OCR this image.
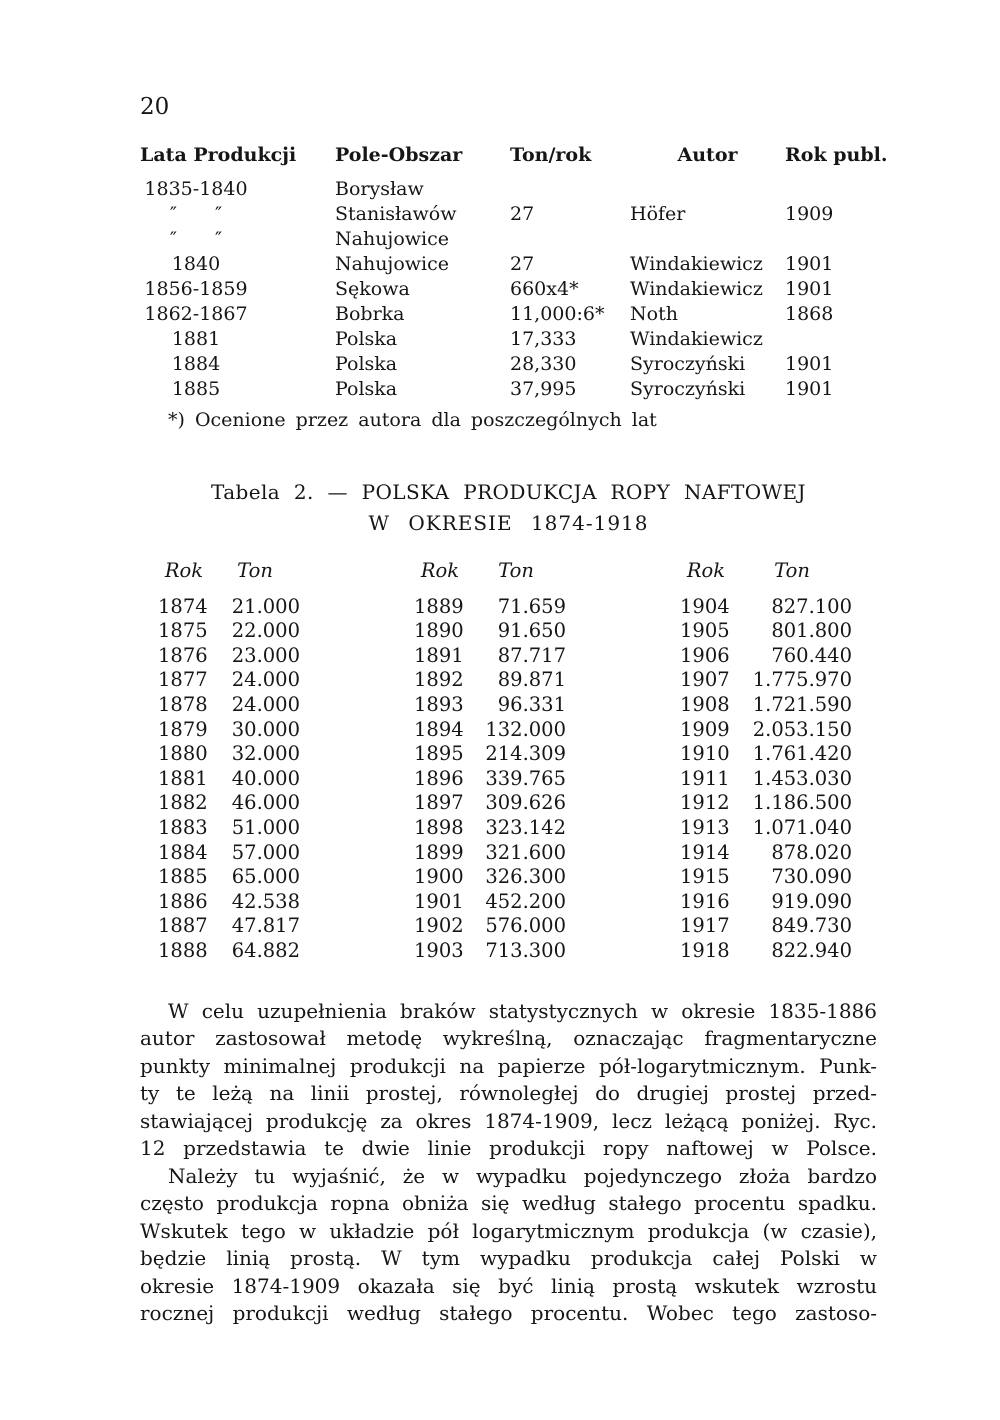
20
Lata Produkcji	Pole-Obszar	Ton/rok	Autor	Rok publ.
1835-1840	Borysław			
″  ″	Stanisławów	27	Höfer	1909
″  ″	Nahujowice			
1840	Nahujowice	27	Windakiewicz	1901
1856-1859	Sękowa	660x4*	Windakiewicz	1901
1862-1867	Bobrka	11,000:6*	Noth	1868
1881	Polska	17,333	Windakiewicz	
1884	Polska	28,330	Syroczyński	1901
1885	Polska	37,995	Syroczyński	1901
*) Ocenione przez autora dla poszczególnych lat
Tabela 2. — POLSKA PRODUKCJA ROPY NAFTOWEJ
W OKRESIE 1874-1918
Rok	Ton
1874 21.000
1875 22.000
1876 23.000
1877 24.000
1878 24.000
1879 30.000
1880 32.000
1881 40.000
1882 46.000
1883 51.000
1884 57.000
1885 65.000
1886 42.538
1887 47.817
1888 64.882
Rok	Ton
1889 71.659
1890 91.650
1891 87.717
1892 89.871
1893 96.331
1894 132.000
1895 214.309
1896 339.765
1897 309.626
1898 323.142
1899 321.600
1900 326.300
1901 452.200
1902 576.000
1903 713.300
Rok	Ton
1904 827.100
1905 801.800
1906 760.440
1907 1.775.970
1908 1.721.590
1909 2.053.150
1910 1.761.420
1911 1.453.030
1912 1.186.500
1913 1.071.040
1914 878.020
1915 730.090
1916 919.090
1917 849.730
1918 822.940
W celu uzupełnienia braków statystycznych w okresie 1835-1886
autor zastosował metodę wykreślną, oznaczając fragmentaryczne
punkty minimalnej produkcji na papierze pół-logarytmicznym. Punk-
ty te leżą na linii prostej, równoległej do drugiej prostej przed-
stawiającej produkcję za okres 1874-1909, lecz leżącą poniżej. Ryc.
12 przedstawia te dwie linie produkcji ropy naftowej w Polsce.
Należy tu wyjaśnić, że w wypadku pojedynczego złoża bardzo
często produkcja ropna obniża się według stałego procentu spadku.
Wskutek tego w układzie pół logarytmicznym produkcja (w czasie),
będzie linią prostą. W tym wypadku produkcja całej Polski w
okresie 1874-1909 okazała się być linią prostą wskutek wzrostu
rocznej produkcji według stałego procentu. Wobec tego zastoso-
